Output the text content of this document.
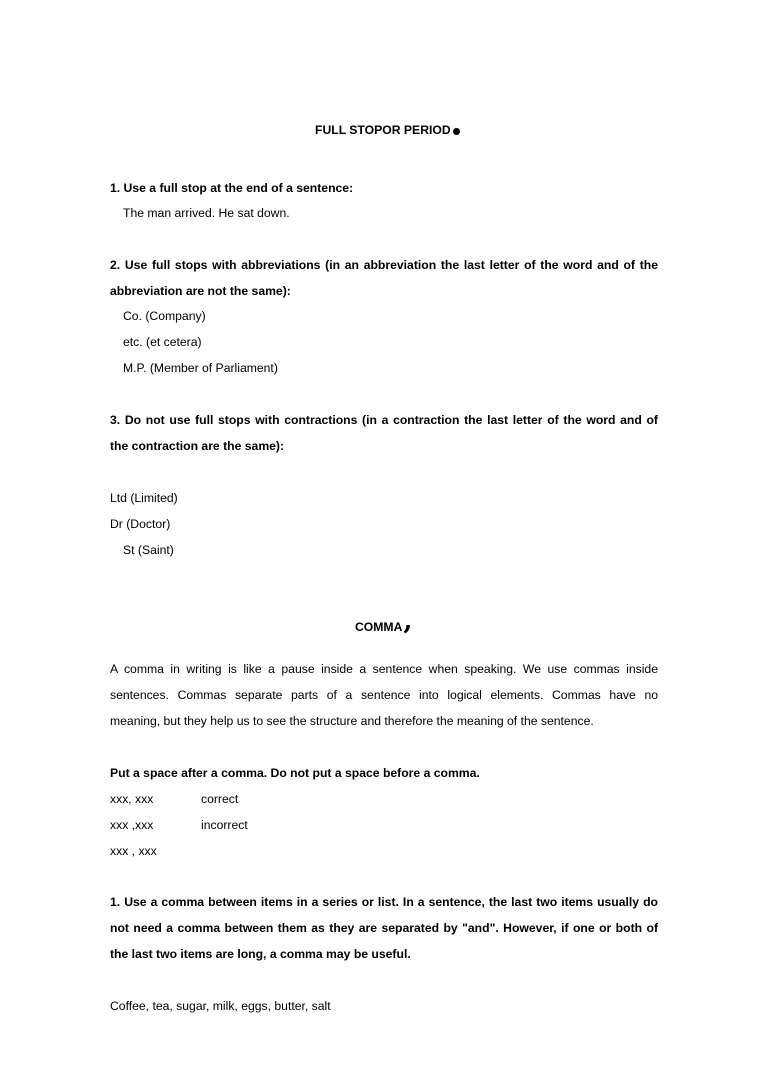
FULL STOPOR PERIOD
1. Use a full stop at the end of a sentence:
The man arrived. He sat down.
2. Use full stops with abbreviations (in an abbreviation the last letter of the word and of the
abbreviation are not the same):
Co. (Company)
etc. (et cetera)
M.P. (Member of Parliament)
3. Do not use full stops with contractions (in a contraction the last letter of the word and of
the contraction are the same):
Ltd (Limited)
Dr (Doctor)
St (Saint)
COMMA,
A comma in writing is like a pause inside a sentence when speaking. We use commas inside
sentences. Commas separate parts of a sentence into logical elements. Commas have no
meaning, but they help us to see the structure and therefore the meaning of the sentence.
Put a space after a comma. Do not put a space before a comma.
xxx, xxx	correct
xxx ,xxx	incorrect
xxx , xxx
1. Use a comma between items in a series or list. In a sentence, the last two items usually do
not need a comma between them as they are separated by "and". However, if one or both of
the last two items are long, a comma may be useful.
Coffee, tea, sugar, milk, eggs, butter, salt
